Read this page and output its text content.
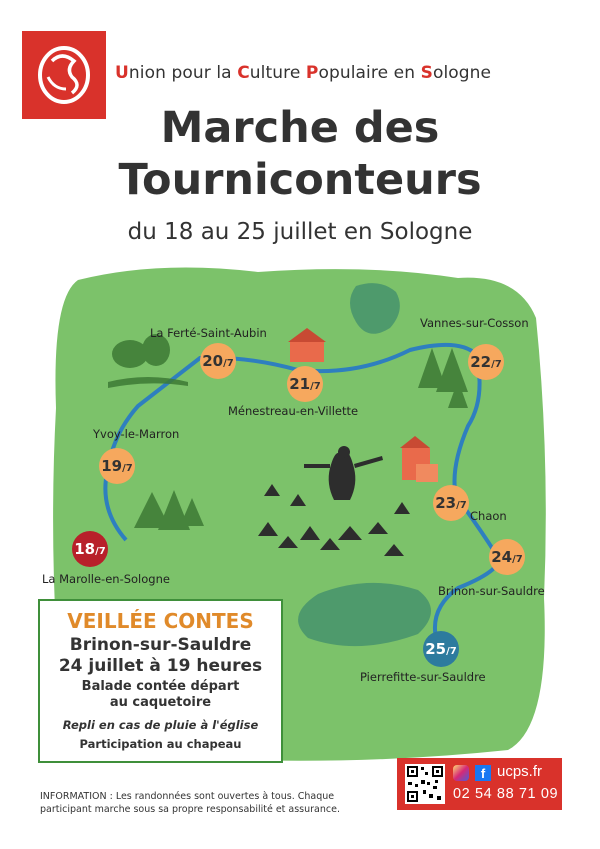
Union pour la Culture Populaire en Sologne
Marche des
Tourniconteurs
du 18 au 25 juillet en Sologne
18/7
La Marolle-en-Sologne
19/7
Yvoy-le-Marron
20/7
La Ferté-Saint-Aubin
21/7
Ménestreau-en-Villette
22/7
Vannes-sur-Cosson
23/7
Chaon
24/7
Brinon-sur-Sauldre
25/7
Pierrefitte-sur-Sauldre
VEILLÉE CONTES
Brinon-sur-Sauldre
24 juillet à 19 heures
Balade contée départ
au caquetoire
Repli en cas de pluie à l'église
Participation au chapeau
INFORMATION : Les randonnées sont ouvertes à tous. Chaque participant marche sous sa propre responsabilité et assurance.
f ucps.fr
02 54 88 71 09
